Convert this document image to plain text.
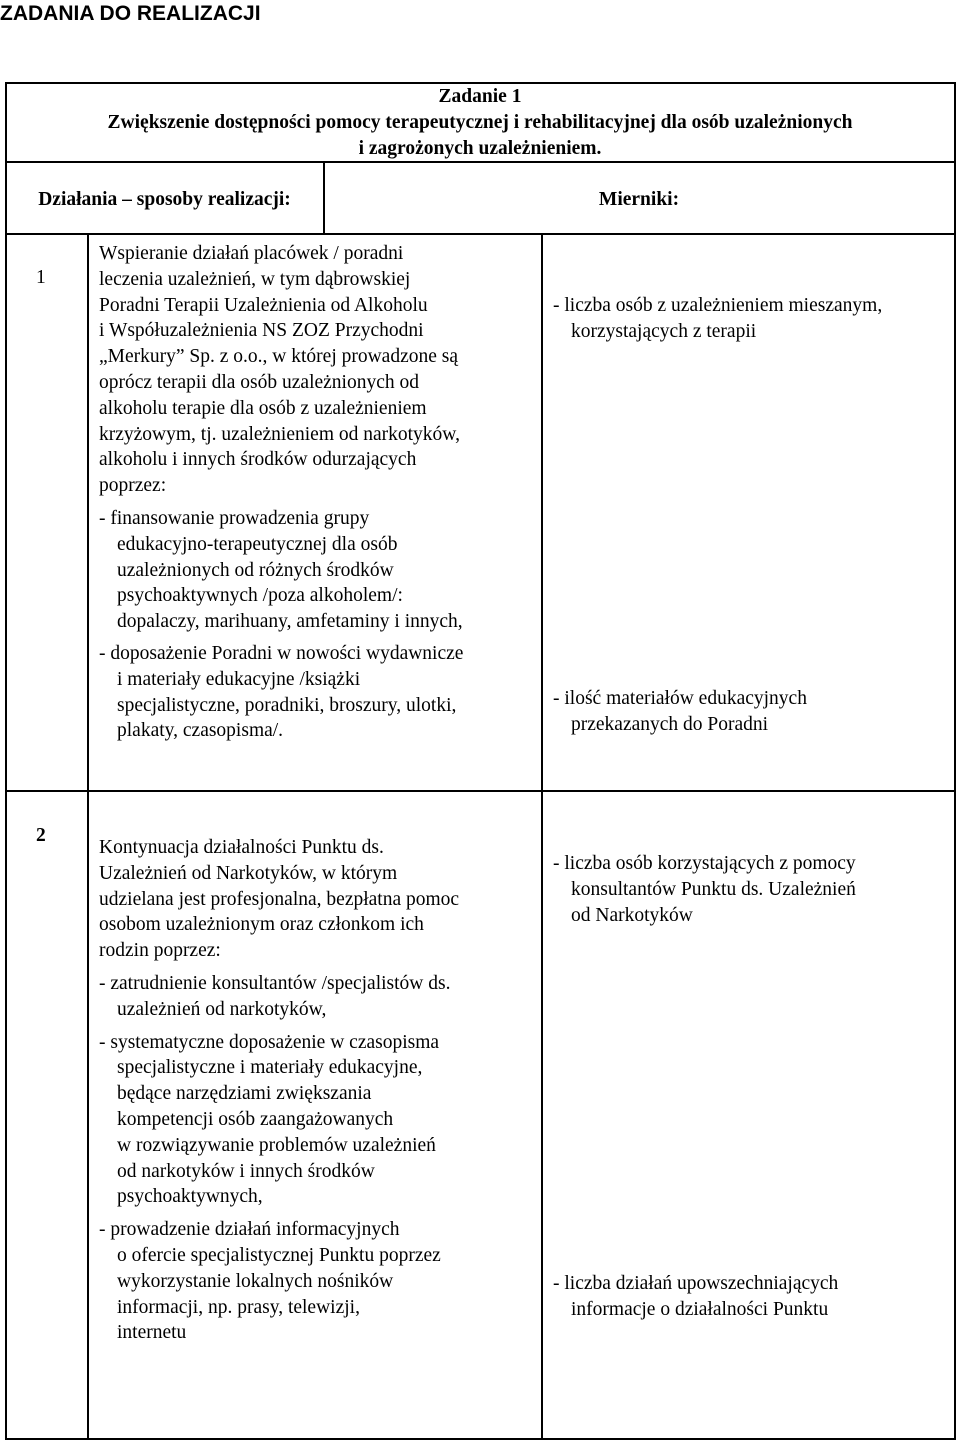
ZADANIA DO REALIZACJI
Zadanie 1
Zwiększenie dostępności pomocy terapeutycznej i rehabilitacyjnej dla osób uzależnionych
i zagrożonych uzależnieniem.
Działania – sposoby realizacji:	Mierniki:
1
Wspieranie działań placówek / poradni
leczenia uzależnień, w tym dąbrowskiej
Poradni Terapii Uzależnienia od Alkoholu
i Współuzależnienia NS ZOZ Przychodni
„Merkury” Sp. z o.o., w której prowadzone są
oprócz terapii dla osób uzależnionych od
alkoholu terapie dla osób z uzależnieniem
krzyżowym, tj. uzależnieniem od narkotyków,
alkoholu i innych środków odurzających
poprzez:
- finansowanie prowadzenia grupy
edukacyjno-terapeutycznej dla osób
uzależnionych od różnych środków
psychoaktywnych /poza alkoholem/:
dopalaczy, marihuany, amfetaminy i innych,
- doposażenie Poradni w nowości wydawnicze
i materiały edukacyjne /książki
specjalistyczne, poradniki, broszury, ulotki,
plakaty, czasopisma/.
- liczba osób z uzależnieniem mieszanym,
korzystających z terapii
- ilość materiałów edukacyjnych
przekazanych do Poradni
2
Kontynuacja działalności Punktu ds.
Uzależnień od Narkotyków, w którym
udzielana jest profesjonalna, bezpłatna pomoc
osobom uzależnionym oraz członkom ich
rodzin poprzez:
- zatrudnienie konsultantów /specjalistów ds.
uzależnień od narkotyków,
- systematyczne doposażenie w czasopisma
specjalistyczne i materiały edukacyjne,
będące narzędziami zwiększania
kompetencji osób zaangażowanych
w rozwiązywanie problemów uzależnień
od narkotyków i innych środków
psychoaktywnych,
- prowadzenie działań informacyjnych
o ofercie specjalistycznej Punktu poprzez
wykorzystanie lokalnych nośników
informacji, np. prasy, telewizji,
internetu
- liczba osób korzystających z pomocy
konsultantów Punktu ds. Uzależnień
od Narkotyków
- liczba działań upowszechniających
informacje o działalności Punktu
